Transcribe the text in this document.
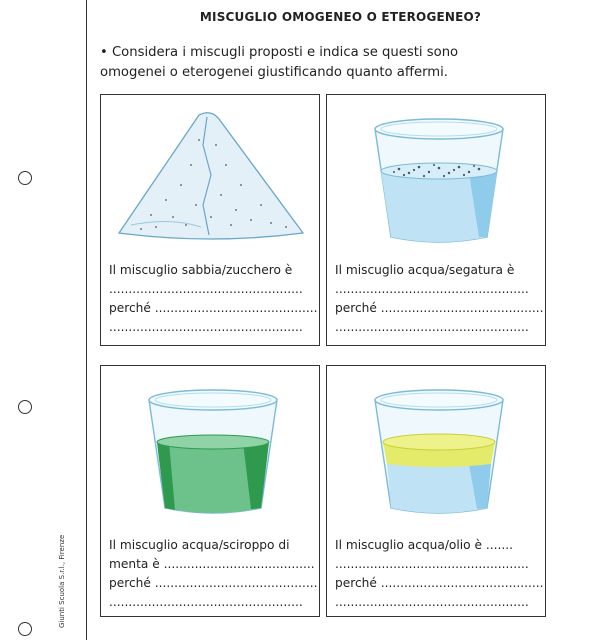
Giunti Scuola S.r.l., Firenze
MISCUGLIO OMOGENEO O ETEROGENEO?
• Considera i miscugli proposti e indica se questi sono
omogenei o eterogenei giustificando quanto affermi.
Il miscuglio sabbia/zucchero è
..................................................
perché ..........................................
..................................................
Il miscuglio acqua/segatura è
..................................................
perché ..........................................
..................................................
Il miscuglio acqua/sciroppo di
menta è .......................................
perché ..........................................
..................................................
Il miscuglio acqua/olio è .......
..................................................
perché ..........................................
..................................................
